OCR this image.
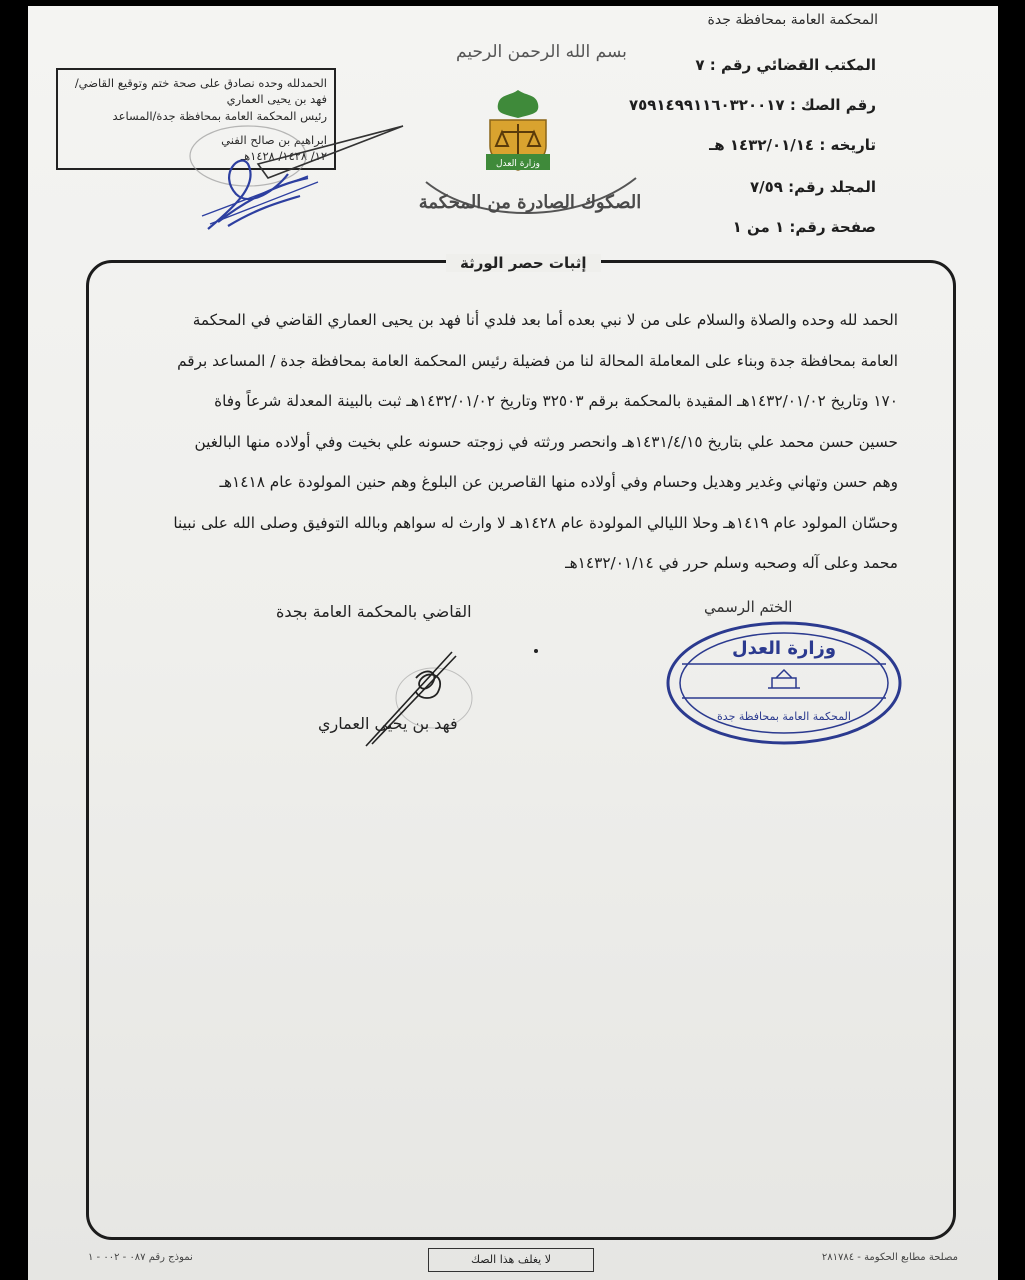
المحكمة العامة بمحافظة جدة
المكتب القضائي رقم : ٧
رقم الصك : ٧٥٩١٤٩٩١١٦٠٣٢٠٠١٧
تاريخه : ١٤٣٢/٠١/١٤ هـ
المجلد رقم: ٧/٥٩
صفحة رقم: ١ من ١
بسم الله الرحمن الرحيم
وزارة العدل
الصكوك الصادرة من المحكمة
الحمدلله وحده نصادق على صحة ختم وتوقيع القاضي/
فهد بن يحيى العماري
رئيس المحكمة العامة بمحافظة جدة/المساعد
ابراهيم بن صالح الفني
١٢/ ١٤٢٨/ ١٤٢٨هـ
إثبات حصر الورثة
الحمد لله وحده والصلاة والسلام على من لا نبي بعده أما بعد فلدي أنا فهد بن يحيى العماري القاضي في المحكمة
العامة بمحافظة جدة وبناء على المعاملة المحالة لنا من فضيلة رئيس المحكمة العامة بمحافظة جدة / المساعد برقم
١٧٠ وتاريخ ١٤٣٢/٠١/٠٢هـ المقيدة بالمحكمة برقم ٣٢٥٠٣ وتاريخ ١٤٣٢/٠١/٠٢هـ ثبت بالبينة المعدلة شرعاً وفاة
حسين حسن محمد علي بتاريخ ١٤٣١/٤/١٥هـ وانحصر ورثته في زوجته حسونه علي بخيت وفي أولاده منها البالغين
وهم حسن وتهاني وغدير وهديل وحسام وفي أولاده منها القاصرين عن البلوغ وهم حنين المولودة عام ١٤١٨هـ
وحسّان المولود عام ١٤١٩هـ وحلا الليالي المولودة عام ١٤٢٨هـ لا وارث له سواهم وبالله التوفيق وصلى الله على نبينا
محمد وعلى آله وصحبه وسلم حرر في ١٤٣٢/٠١/١٤هـ
الختم الرسمي
القاضي بالمحكمة العامة بجدة
وزارة العدل
المحكمة العامة بمحافظة جدة
فهد بن يحيى العماري
لا يغلف هذا الصك
نموذج رقم ٠٨٧ - ٠٠٢ - ١	مصلحة مطابع الحكومة - ٢٨١٧٨٤
